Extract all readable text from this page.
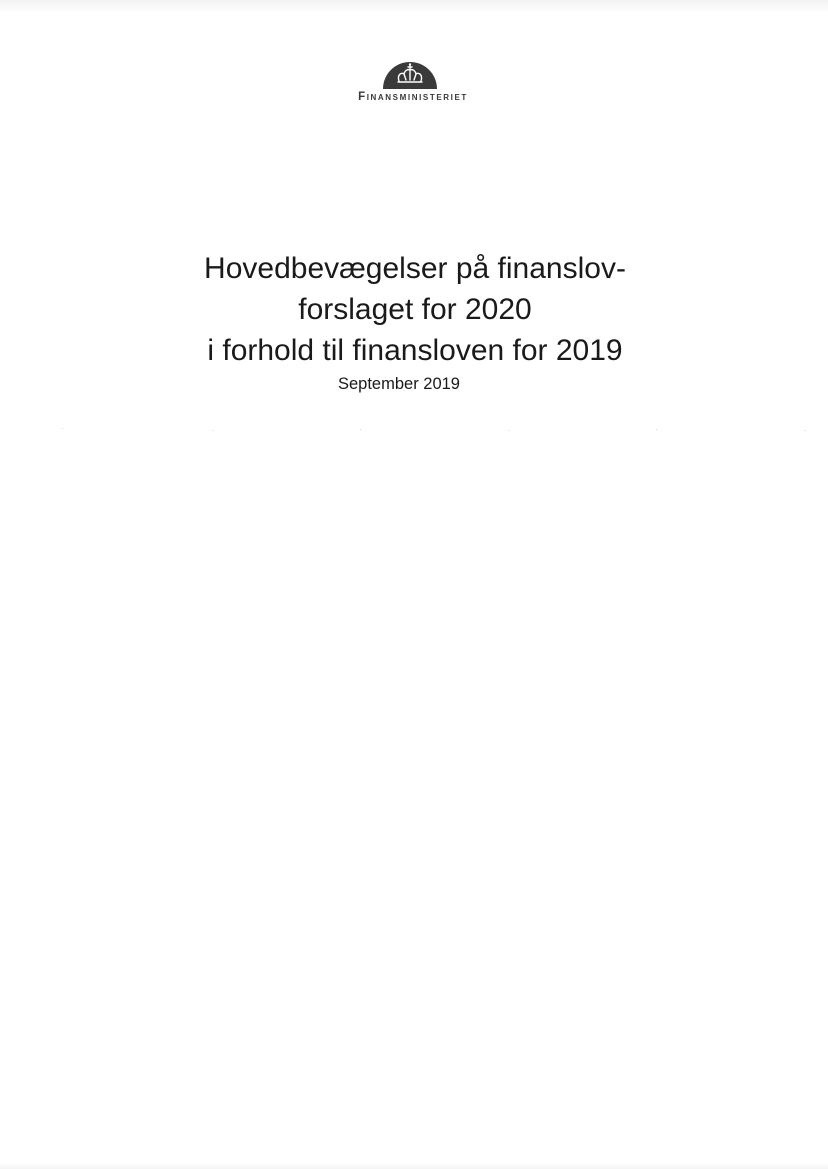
Finansministeriet
Hovedbevægelser på finanslov-
forslaget for 2020
i forhold til finansloven for 2019
September 2019
